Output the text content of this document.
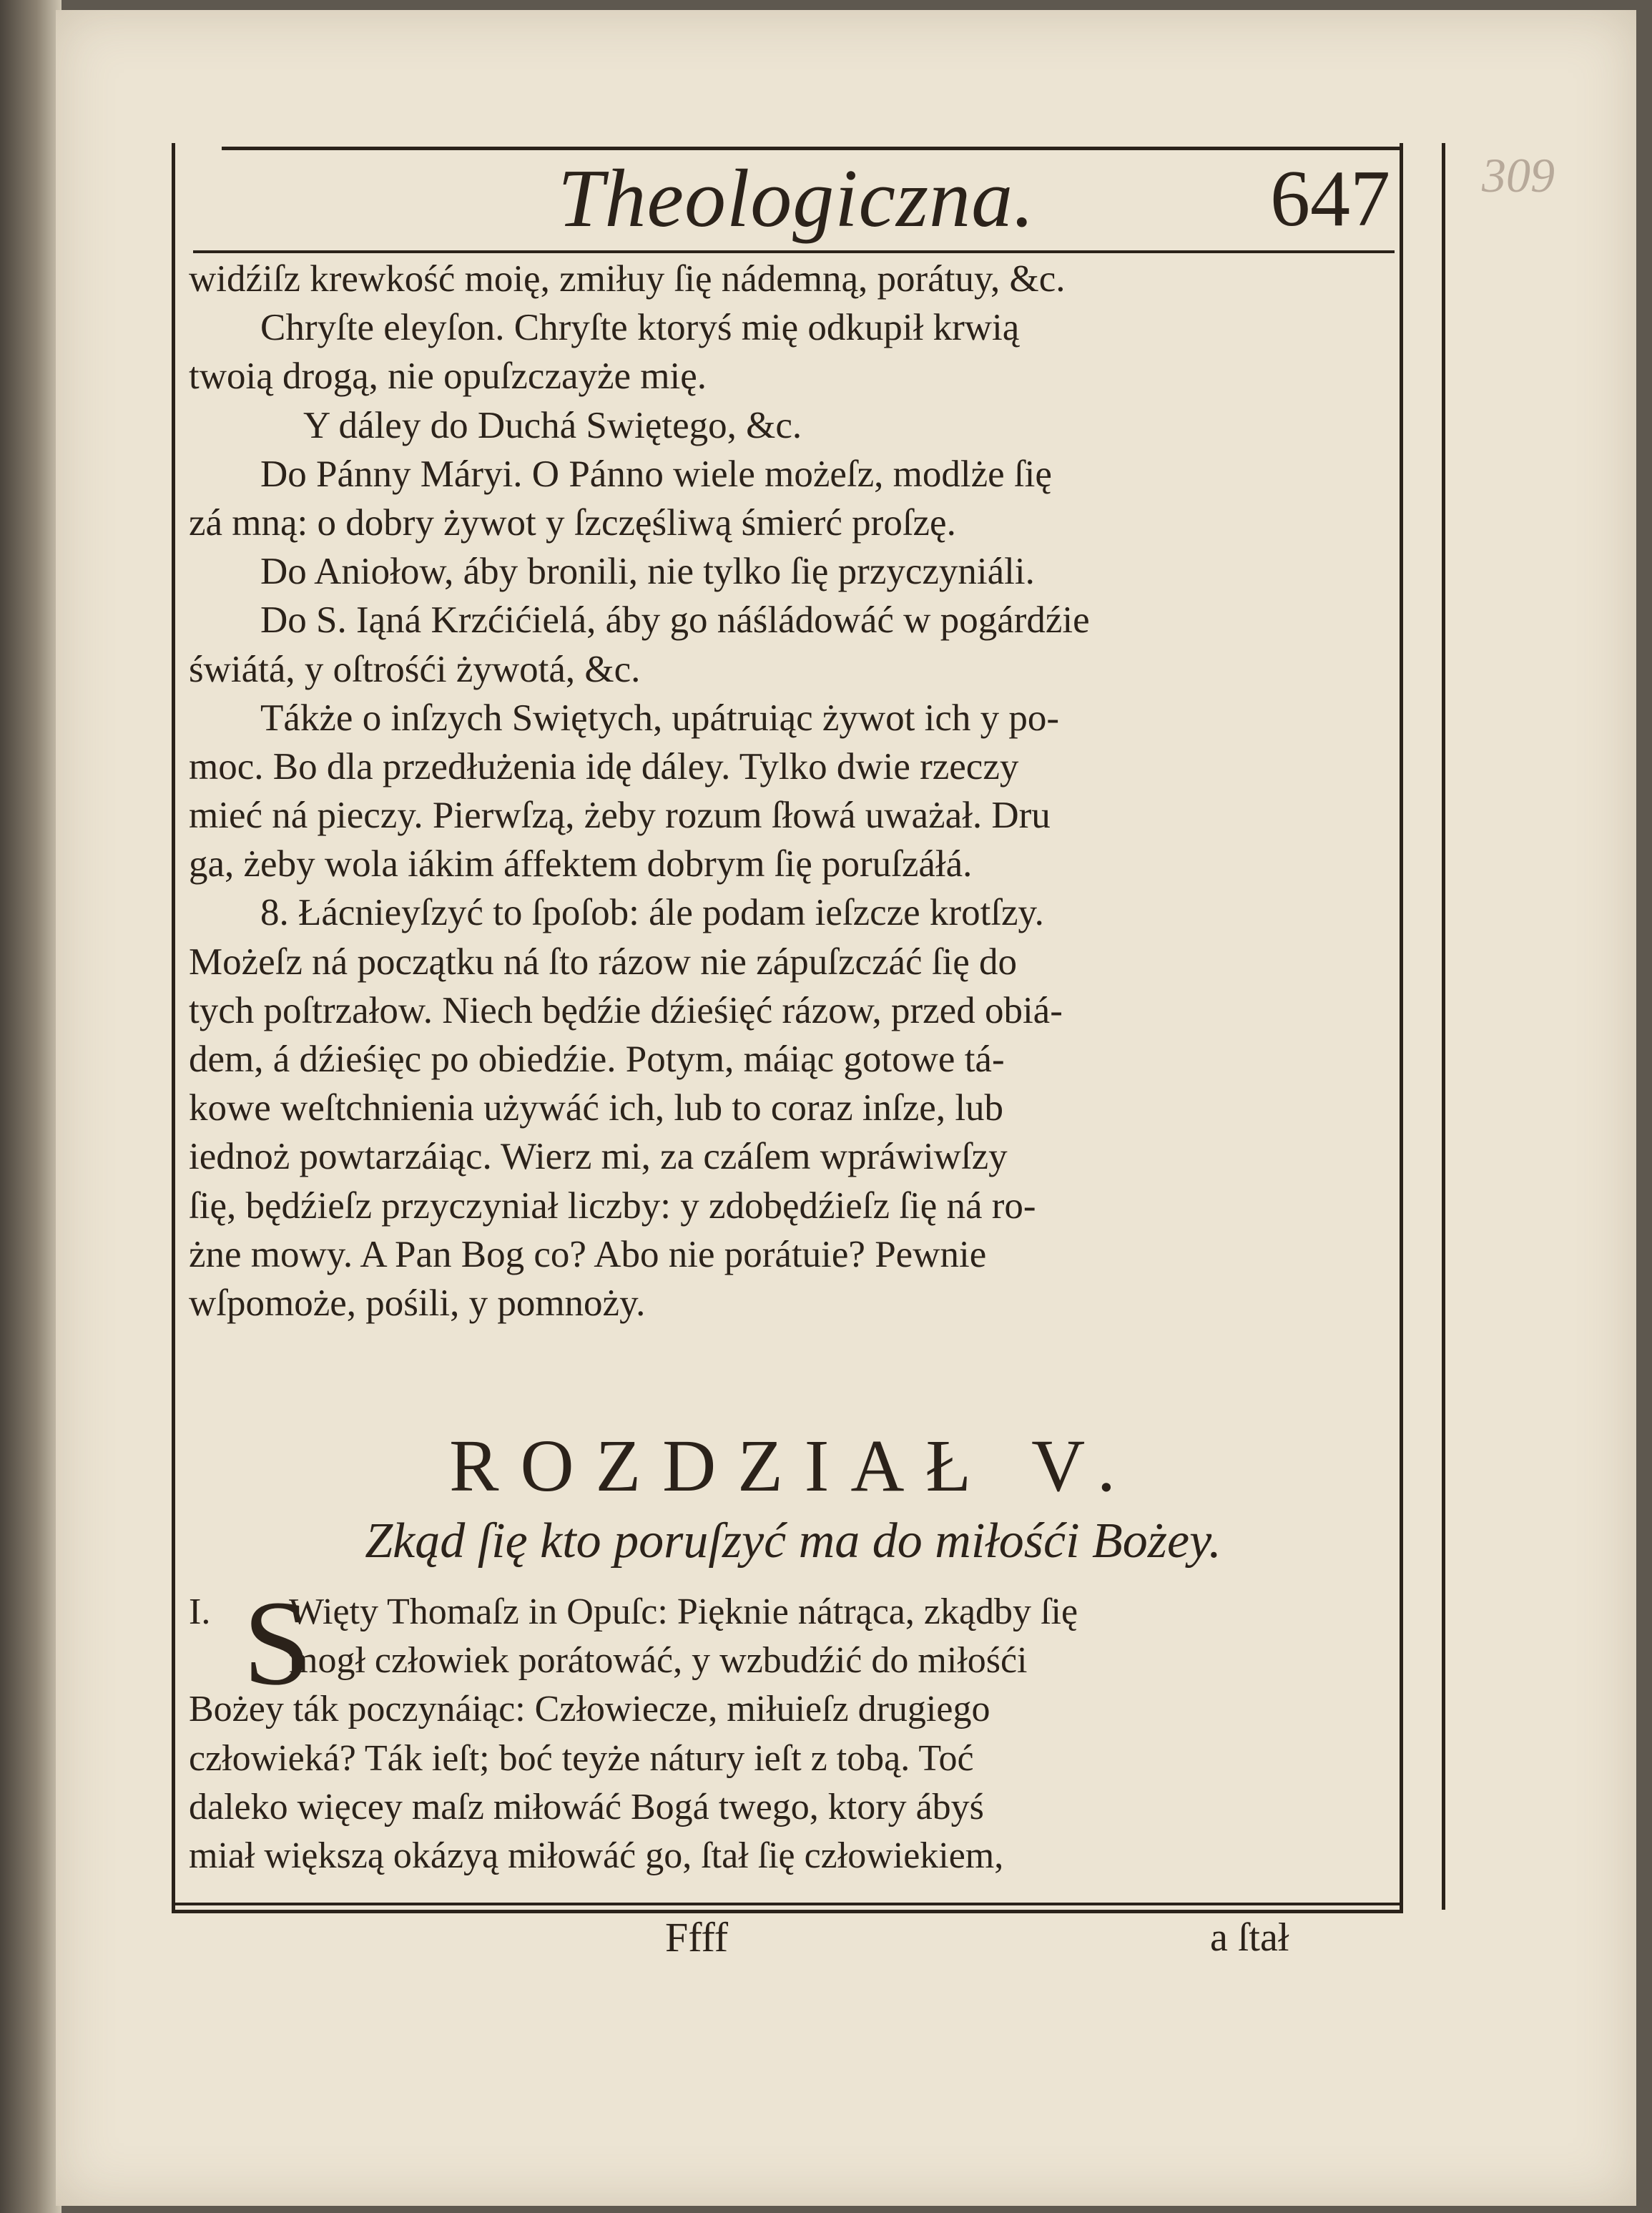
Theologiczna.	647 309
widźiſz krewkość moię, zmiłuy ſię nádemną, porátuy, &c.
Chryſte eleyſon. Chryſte ktoryś mię odkupił krwią
twoią drogą, nie opuſzczayże mię.
Y dáley do Duchá Swiętego, &c.
Do Pánny Máryi. O Pánno wiele możeſz, modlże ſię
zá mną: o dobry żywot y ſzczęśliwą śmierć proſzę.
Do Aniołow, áby bronili, nie tylko ſię przyczyniáli.
Do S. Iąná Krzćićielá, áby go náśládowáć w pogárdźie
świátá, y oſtrośći żywotá, &c.
Tákże o inſzych Swiętych, upátruiąc żywot ich y po-
moc. Bo dla przedłużenia idę dáley. Tylko dwie rzeczy
mieć ná pieczy. Pierwſzą, żeby rozum ſłowá uważał. Dru
ga, żeby wola iákim áffektem dobrym ſię poruſzáłá.
8. Łácnieyſzyć to ſpoſob: ále podam ieſzcze krotſzy.
Możeſz ná początku ná ſto rázow nie zápuſzczáć ſię do
tych poſtrzałow. Niech będźie dźieśięć rázow, przed obiá-
dem, á dźieśięc po obiedźie. Potym, máiąc gotowe tá-
kowe weſtchnienia używáć ich, lub to coraz inſze, lub
iednoż powtarzáiąc. Wierz mi, za czáſem wpráwiwſzy
ſię, będźieſz przyczyniał liczby: y zdobędźieſz ſię ná ro-
żne mowy. A Pan Bog co? Abo nie porátuie? Pewnie
wſpomoże, pośili, y pomnoży.
ROZDZIAŁ V.
Zkąd ſię kto poruſzyć ma do miłośći Bożey.
S
I. Więty Thomaſz in Opuſc: Pięknie nátrąca, zkądby ſię
mogł człowiek porátowáć, y wzbudźić do miłośći
Bożey ták poczynáiąc: Człowiecze, miłuieſz drugiego
człowieká? Ták ieſt; boć teyże nátury ieſt z tobą. Toć
daleko więcey maſz miłowáć Bogá twego, ktory ábyś
miał większą okázyą miłowáć go, ſtał ſię człowiekiem,
Ffff	a ſtał
